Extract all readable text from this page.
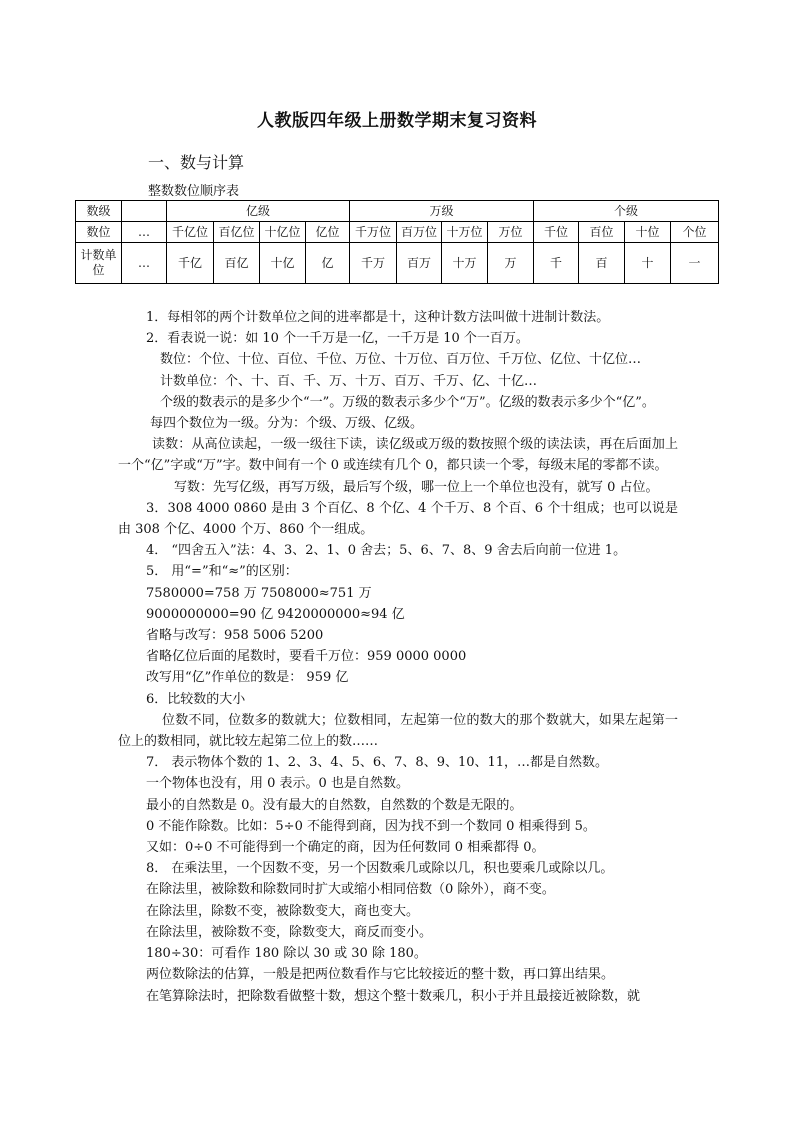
人教版四年级上册数学期末复习资料
一、数与计算
整数数位顺序表
数级		亿级				万级				个级			
数位	…	千亿位	百亿位	十亿位	亿位	千万位	百万位	十万位	万位	千位	百位	十位	个位
计数单位	…	千亿	百亿	十亿	亿	千万	百万	十万	万	千	百	十	一

1．每相邻的两个计数单位之间的进率都是十，这种计数方法叫做十进制计数法。

2．看表说一说：如 10 个一千万是一亿，一千万是 10 个一百万。

数位：个位、十位、百位、千位、万位、十万位、百万位、千万位、亿位、十亿位…

计数单位：个、十、百、千、万、十万、百万、千万、亿、十亿…

个级的数表示的是多少个“一”。万级的数表示多少个“万”。亿级的数表示多少个“亿”。

每四个数位为一级。分为：个级、万级、亿级。

读数：从高位读起，一级一级往下读，读亿级或万级的数按照个级的读法读，再在后面加上一个“亿”字或“万”字。数中间有一个 0 或连续有几个 0，都只读一个零，每级末尾的零都不读。

写数：先写亿级，再写万级，最后写个级，哪一位上一个单位也没有，就写 0 占位。

3．308 4000 0860 是由 3 个百亿、8 个亿、4 个千万、8 个百、6 个十组成；也可以说是由 308 个亿、4000 个万、860 个一组成。

4． “四舍五入”法：4、3、2、1、0 舍去；5、6、7、8、9 舍去后向前一位进 1。

5． 用“=”和“≈”的区别：

7580000=758 万 7508000≈751 万

9000000000=90 亿 9420000000≈94 亿

省略与改写：958 5006 5200

省略亿位后面的尾数时，要看千万位：959 0000 0000

改写用“亿”作单位的数是： 959 亿

6．比较数的大小

位数不同，位数多的数就大；位数相同，左起第一位的数大的那个数就大，如果左起第一位上的数相同，就比较左起第二位上的数……

7． 表示物体个数的 1、2、3、4、5、6、7、8、9、10、11，…都是自然数。

一个物体也没有，用 0 表示。0 也是自然数。

最小的自然数是 0。没有最大的自然数，自然数的个数是无限的。

0 不能作除数。比如：5÷0 不能得到商，因为找不到一个数同 0 相乘得到 5。

又如：0÷0 不可能得到一个确定的商，因为任何数同 0 相乘都得 0。

8． 在乘法里，一个因数不变，另一个因数乘几或除以几，积也要乘几或除以几。

在除法里，被除数和除数同时扩大或缩小相同倍数（0 除外），商不变。

在除法里，除数不变，被除数变大，商也变大。

在除法里，被除数不变，除数变大，商反而变小。

180÷30：可看作 180 除以 30 或 30 除 180。

两位数除法的估算，一般是把两位数看作与它比较接近的整十数，再口算出结果。

在笔算除法时，把除数看做整十数，想这个整十数乘几，积小于并且最接近被除数，就
